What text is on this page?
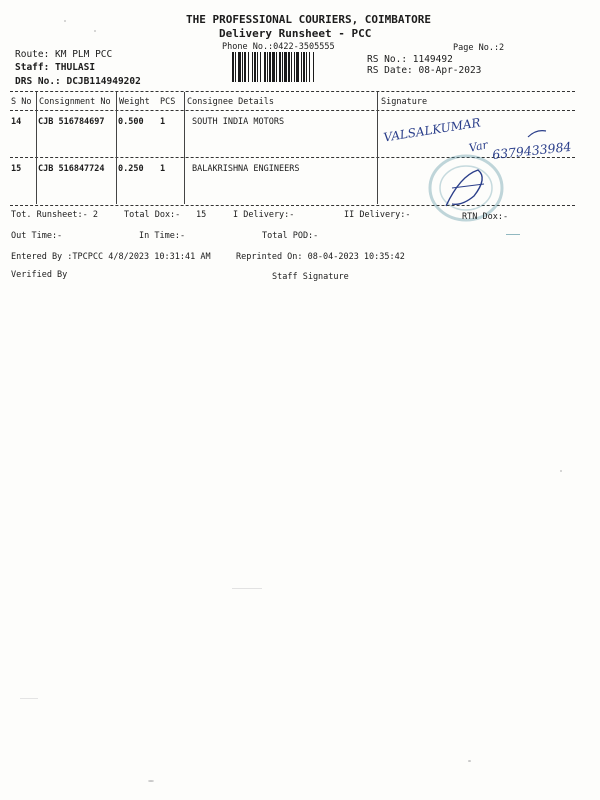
THE PROFESSIONAL COURIERS, COIMBATORE
Delivery Runsheet - PCC
Phone No.:0422-3505555	Page No.:2
Route: KM PLM PCC
Staff: THULASI
DRS No.: DCJB114949202
RS No.: 1149492
RS Date: 08-Apr-2023
S No Consignment No Weight PCS Consignee Details	Signature
14 CJB 516784697 0.500 1	SOUTH INDIA MOTORS
15 CJB 516847724 0.250 1	BALAKRISHNA ENGINEERS
VALSALKUMAR
Var 6379433984
Tot. Runsheet:- 2	Total Dox:- 15	I Delivery:-	II Delivery:-	RTN Dox:-
Out Time:-	In Time:-	Total POD:-
Entered By :TPCPCC 4/8/2023 10:31:41 AM	Reprinted On: 08-04-2023 10:35:42
Verified By	Staff Signature
